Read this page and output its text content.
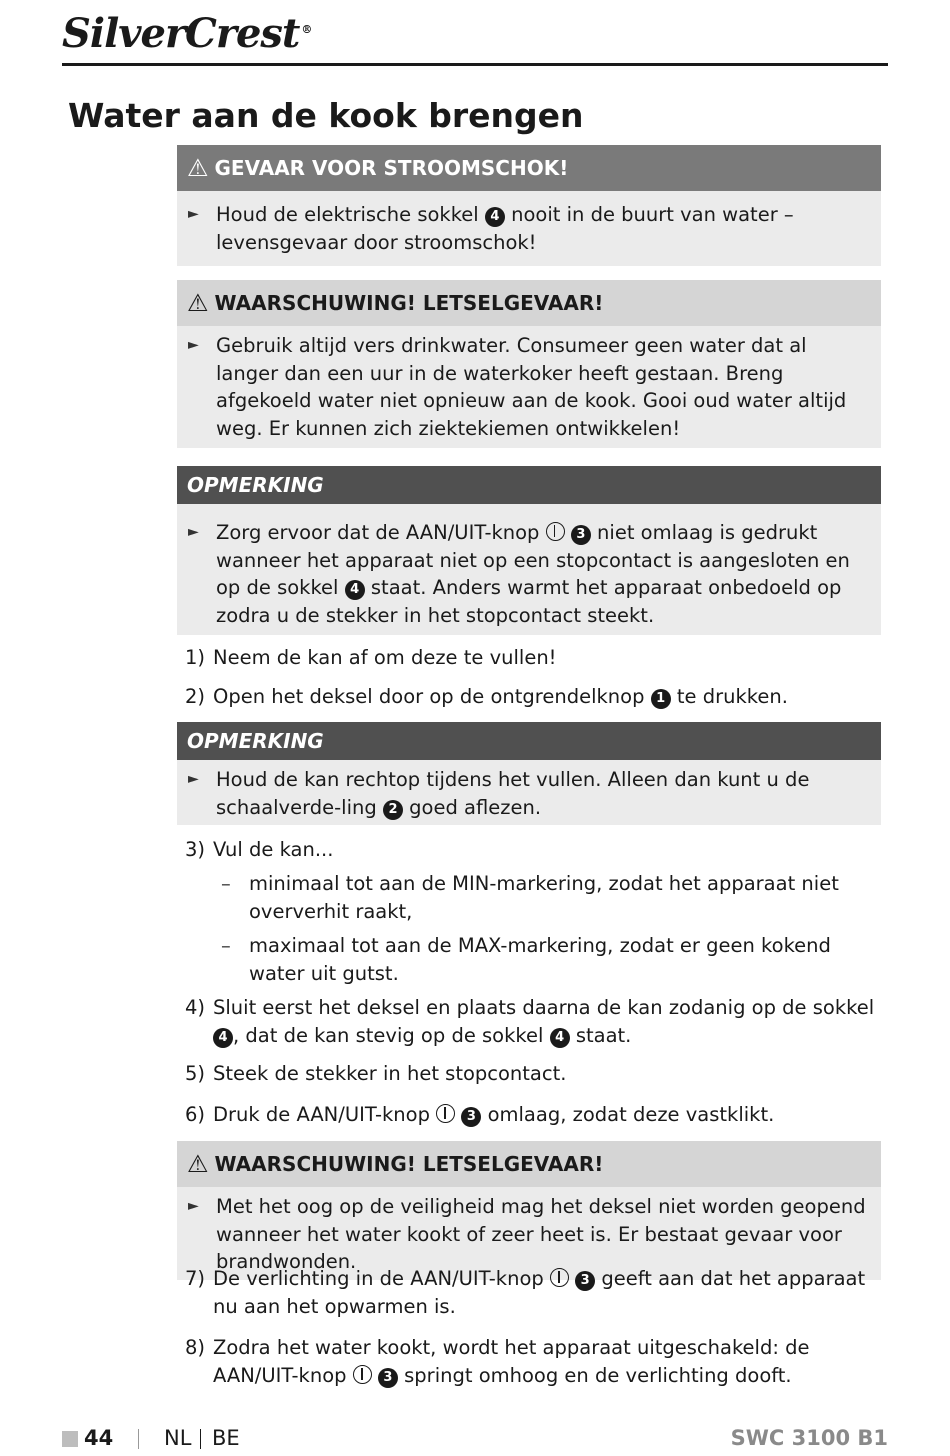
SilverCrest ®
Water aan de kook brengen
⚠ GEVAAR VOOR STROOMSCHOK!
► Houd de elektrische sokkel 4 nooit in de buurt van water – levensgevaar door stroomschok!
⚠ WAARSCHUWING! LETSELGEVAAR!
► Gebruik altijd vers drinkwater. Consumeer geen water dat al langer dan een uur in de waterkoker heeft gestaan. Breng afgekoeld water niet opnieuw aan de kook. Gooi oud water altijd weg. Er kunnen zich ziektekiemen ontwikkelen!
OPMERKING
► Zorg ervoor dat de AAN/UIT-knop	3 niet omlaag is gedrukt wanneer het apparaat niet op een stopcontact is aangesloten en op de sokkel 4 staat. Anders warmt het apparaat onbedoeld op zodra u de stekker in het stopcontact steekt.
1) Neem de kan af om deze te vullen!
2) Open het deksel door op de ontgrendelknop 1 te drukken.
OPMERKING
► Houd de kan rechtop tijdens het vullen. Alleen dan kunt u de schaalverde-ling 2 goed aflezen.
3) Vul de kan...
– minimaal tot aan de MIN-markering, zodat het apparaat niet oververhit raakt,
– maximaal tot aan de MAX-markering, zodat er geen kokend water uit gutst.
4) Sluit eerst het deksel en plaats daarna de kan zodanig op de sokkel 4 , dat de kan stevig op de sokkel 4 staat.
5) Steek de stekker in het stopcontact.
6) Druk de AAN/UIT-knop	3 omlaag, zodat deze vastklikt.
⚠ WAARSCHUWING! LETSELGEVAAR!
► Met het oog op de veiligheid mag het deksel niet worden geopend wanneer het water kookt of zeer heet is. Er bestaat gevaar voor brandwonden.
7) De verlichting in de AAN/UIT-knop	3 geeft aan dat het apparaat nu aan het opwarmen is.
8) Zodra het water kookt, wordt het apparaat uitgeschakeld: de AAN/UIT-knop	3 springt omhoog en de verlichting dooft.
44 NL BE	SWC 3100 B1
